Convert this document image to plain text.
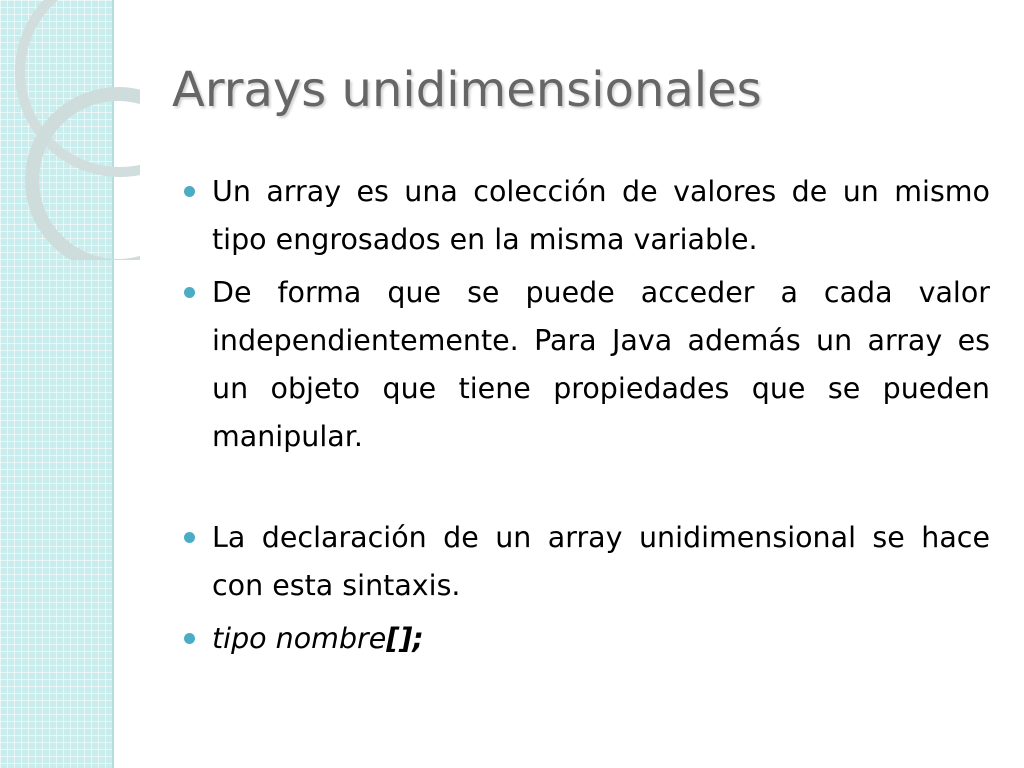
Arrays unidimensionales
Un array es una colección de valores de un mismo tipo engrosados en la misma variable.
De forma que se puede acceder a cada valor independientemente. Para Java además un array es un objeto que tiene propiedades que se pueden manipular.
La declaración de un array unidimensional se hace con esta sintaxis.
tipo nombre[];
